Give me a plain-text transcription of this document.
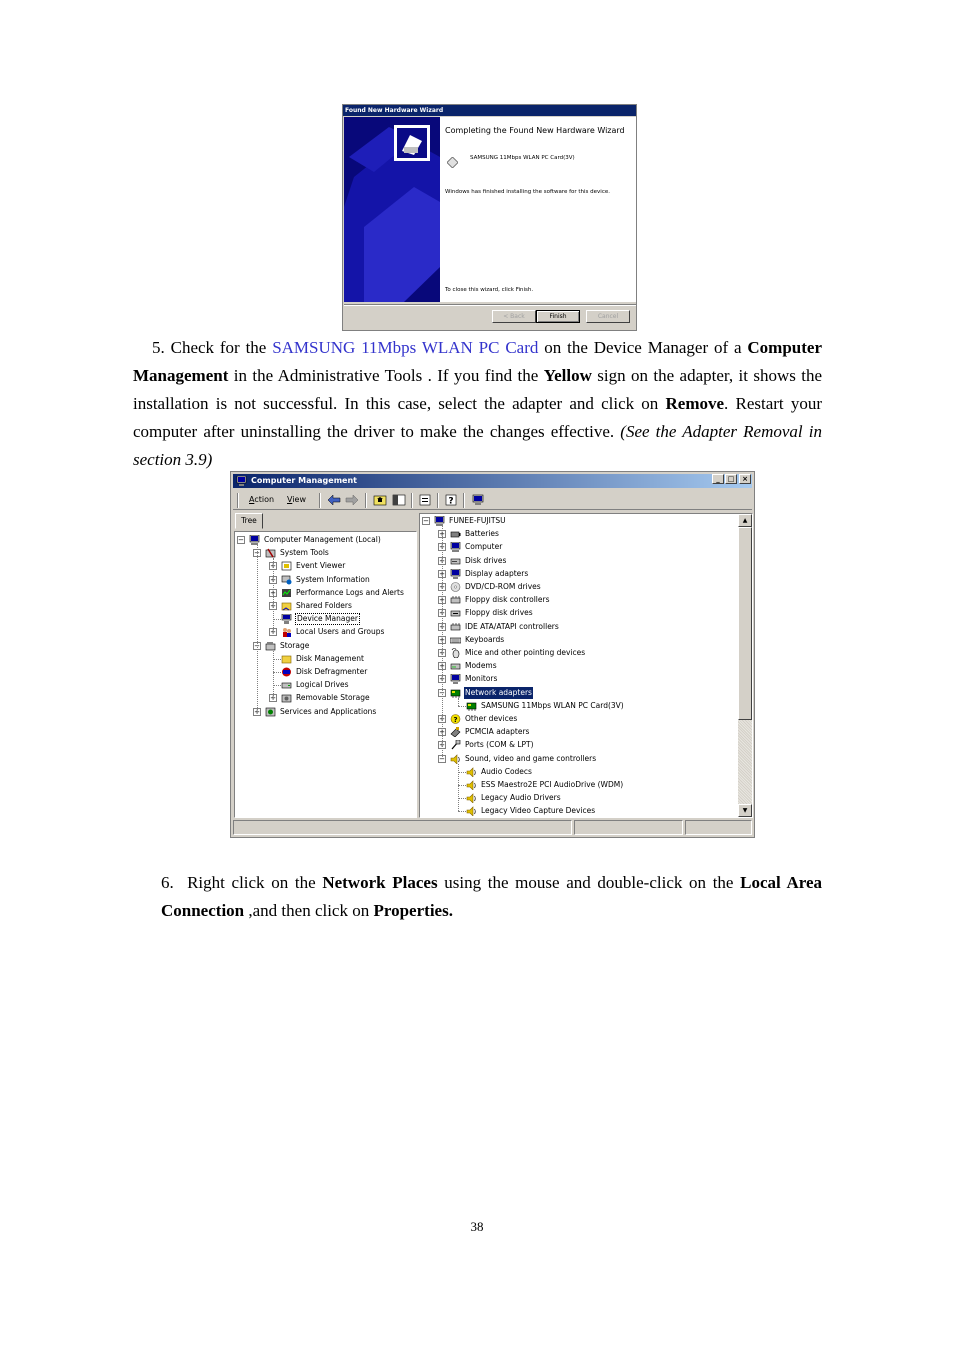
Found New Hardware Wizard
Completing the Found New Hardware Wizard
SAMSUNG 11Mbps WLAN PC Card(3V)
Windows has finished installing the software for this device.
To close this wizard, click Finish.
< Back	Finish	Cancel
5. Check for the SAMSUNG 11Mbps WLAN PC Card on the Device Manager of a Computer Management in the Administrative Tools . If you find the Yellow sign on the adapter, it shows the installation is not successful. In this case, select the adapter and click on Remove. Restart your computer after uninstalling the driver to make the changes effective. (See the Adapter Removal in section 3.9)
Computer Management	_	□	×
Action View	?
Tree
−	Computer Management (Local)
−	System Tools
+	Event Viewer
+	System Information
+	Performance Logs and Alerts
+	Shared Folders
Device Manager
+	Local Users and Groups
−	Storage
Disk Management
Disk Defragmenter
Logical Drives
+	Removable Storage
+	Services and Applications
−	FUNEE-FUJITSU
+	Batteries
+	Computer
+	Disk drives
+	Display adapters
+	DVD/CD-ROM drives
+	Floppy disk controllers
+	Floppy disk drives
+	IDE ATA/ATAPI controllers
+	Keyboards
+	Mice and other pointing devices
+	Modems
+	Monitors
−	Network adapters
SAMSUNG 11Mbps WLAN PC Card(3V)
+ ? Other devices
+	PCMCIA adapters
+	Ports (COM & LPT)
−	Sound, video and game controllers
Audio Codecs
ESS Maestro2E PCI AudioDrive (WDM)
Legacy Audio Drivers
Legacy Video Capture Devices
▲
▼
6. Right click on the Network Places using the mouse and double-click on the Local Area Connection ,and then click on Properties.
38
